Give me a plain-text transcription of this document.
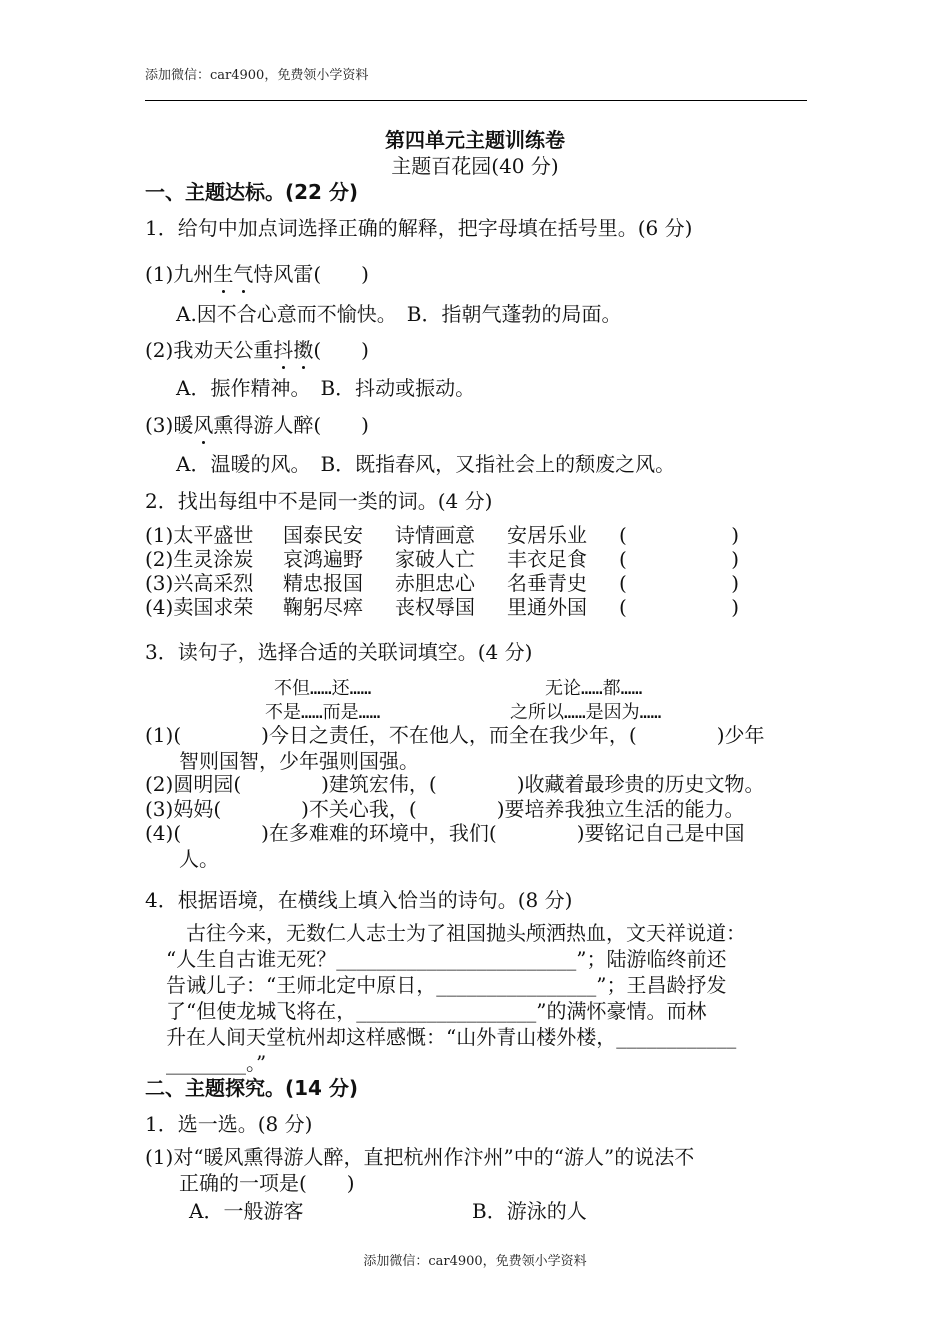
添加微信：car4900，免费领小学资料
第四单元主题训练卷
主题百花园(40 分)
一、主题达标。(22 分)
1．给句中加点词选择正确的解释，把字母填在括号里。(6 分)
(1)九州生气恃风雷(　　)
A.因不合心意而不愉快。　B．指朝气蓬勃的局面。
(2)我劝天公重抖擞(　　)
A．振作精神。　B．抖动或振动。
(3)暖风熏得游人醉(　　)
A．温暖的风。　B．既指春风，又指社会上的颓废之风。
2．找出每组中不是同一类的词。(4 分)
(1)太平盛世	国泰民安	诗情画意	安居乐业	(	)
(2)生灵涂炭	哀鸿遍野	家破人亡	丰衣足食	(	)
(3)兴高采烈	精忠报国	赤胆忠心	名垂青史	(	)
(4)卖国求荣	鞠躬尽瘁	丧权辱国	里通外国	(	)
3．读句子，选择合适的关联词填空。(4 分)
不但……还……	无论……都……
不是……而是……	之所以……是因为……
(1)(　　　　)今日之责任，不在他人，而全在我少年，(　　　　)少年
智则国智，少年强则国强。
(2)圆明园(　　　　)建筑宏伟，(　　　　)收藏着最珍贵的历史文物。
(3)妈妈(　　　　)不关心我，(　　　　)要培养我独立生活的能力。
(4)(　　　　)在多难难的环境中，我们(　　　　)要铭记自己是中国
人。
4．根据语境，在横线上填入恰当的诗句。(8 分)
　古往今来，无数仁人志士为了祖国抛头颅洒热血，文天祥说道：
“人生自古谁无死？________________________”；陆游临终前还
告诫儿子：“王师北定中原日，________________”；王昌龄抒发
了“但使龙城飞将在，__________________”的满怀豪情。而林
升在人间天堂杭州却这样感慨：“山外青山楼外楼，____________
________。”
二、主题探究。(14 分)
1．选一选。(8 分)
(1)对“暖风熏得游人醉，直把杭州作汴州”中的“游人”的说法不
正确的一项是(　　)
A．一般游客	B．游泳的人
添加微信：car4900，免费领小学资料
